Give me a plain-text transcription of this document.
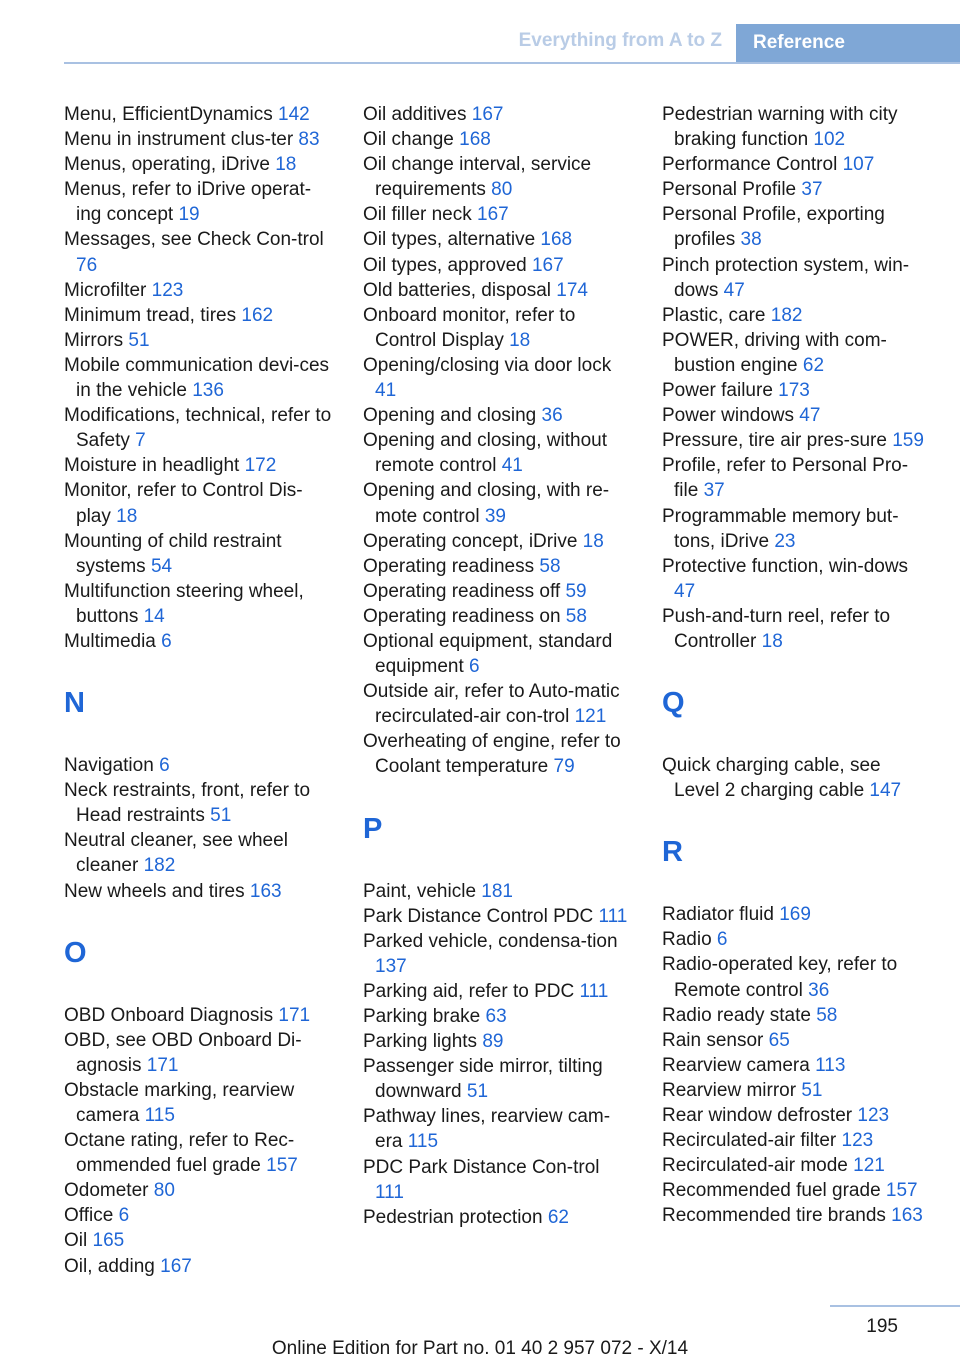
Everything from A to Z	Reference
Menu, EfficientDynamics 142
Menu in instrument clus‐ter 83
Menus, operating, iDrive 18
Menus, refer to iDrive operat‐ing concept 19
Messages, see Check Con‐trol 76
Microfilter 123
Minimum tread, tires 162
Mirrors 51
Mobile communication devi‐ces in the vehicle 136
Modifications, technical, refer to Safety 7
Moisture in headlight 172
Monitor, refer to Control Dis‐play 18
Mounting of child restraint systems 54
Multifunction steering wheel, buttons 14
Multimedia 6
N
Navigation 6
Neck restraints, front, refer to Head restraints 51
Neutral cleaner, see wheel cleaner 182
New wheels and tires 163
O
OBD Onboard Diagnosis 171
OBD, see OBD Onboard Di‐agnosis 171
Obstacle marking, rearview camera 115
Octane rating, refer to Rec‐ommended fuel grade 157
Odometer 80
Office 6
Oil 165
Oil, adding 167
Oil additives 167
Oil change 168
Oil change interval, service requirements 80
Oil filler neck 167
Oil types, alternative 168
Oil types, approved 167
Old batteries, disposal 174
Onboard monitor, refer to Control Display 18
Opening/closing via door lock 41
Opening and closing 36
Opening and closing, without remote control 41
Opening and closing, with re‐mote control 39
Operating concept, iDrive 18
Operating readiness 58
Operating readiness off 59
Operating readiness on 58
Optional equipment, standard equipment 6
Outside air, refer to Auto‐matic recirculated-air con‐trol 121
Overheating of engine, refer to Coolant temperature 79
P
Paint, vehicle 181
Park Distance Control PDC 111
Parked vehicle, condensa‐tion 137
Parking aid, refer to PDC 111
Parking brake 63
Parking lights 89
Passenger side mirror, tilting downward 51
Pathway lines, rearview cam‐era 115
PDC Park Distance Con‐trol 111
Pedestrian protection 62
Pedestrian warning with city braking function 102
Performance Control 107
Personal Profile 37
Personal Profile, exporting profiles 38
Pinch protection system, win‐dows 47
Plastic, care 182
POWER, driving with com‐bustion engine 62
Power failure 173
Power windows 47
Pressure, tire air pres‐sure 159
Profile, refer to Personal Pro‐file 37
Programmable memory but‐tons, iDrive 23
Protective function, win‐dows 47
Push-and-turn reel, refer to Controller 18
Q
Quick charging cable, see Level 2 charging cable 147
R
Radiator fluid 169
Radio 6
Radio-operated key, refer to Remote control 36
Radio ready state 58
Rain sensor 65
Rearview camera 113
Rearview mirror 51
Rear window defroster 123
Recirculated-air filter 123
Recirculated-air mode 121
Recommended fuel grade 157
Recommended tire brands 163
195
Online Edition for Part no. 01 40 2 957 072 - X/14
